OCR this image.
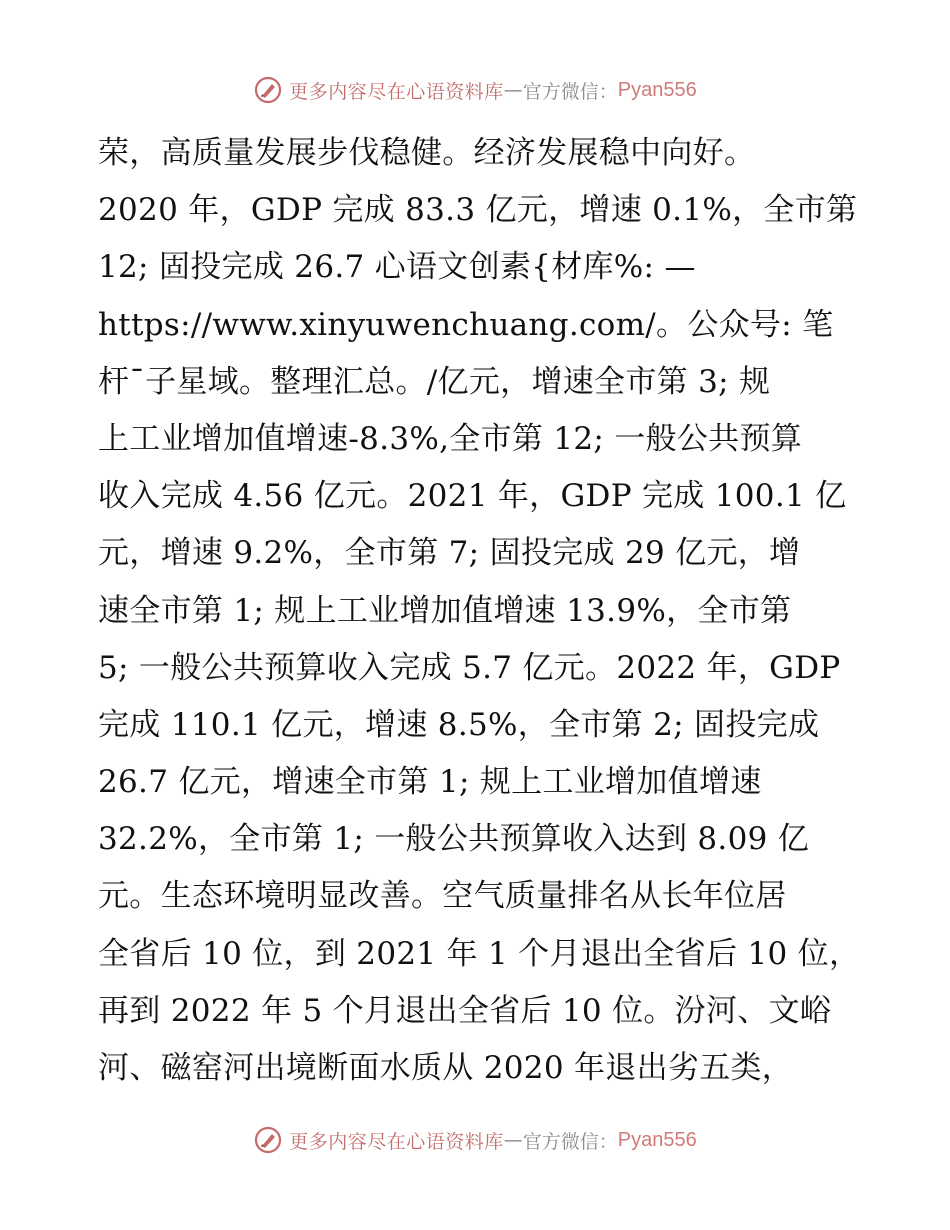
更多内容尽在心语资料库 — 官方微信： Pyan556
荣，高质量发展步伐稳健。经济发展稳中向好。
2020 年，GDP 完成 83.3 亿元，增速 0.1%，全市第
12; 固投完成 26.7 心语文创素{材库%: —
https://www.xinyuwenchuang.com/。公众号: 笔
杆¯子星域。整理汇总。/亿元，增速全市第 3; 规
上工业增加值增速-8.3%,全市第 12; 一般公共预算
收入完成 4.56 亿元。2021 年，GDP 完成 100.1 亿
元，增速 9.2%，全市第 7; 固投完成 29 亿元，增
速全市第 1; 规上工业增加值增速 13.9%，全市第
5; 一般公共预算收入完成 5.7 亿元。2022 年，GDP
完成 110.1 亿元，增速 8.5%，全市第 2; 固投完成
26.7 亿元，增速全市第 1; 规上工业增加值增速
32.2%，全市第 1; 一般公共预算收入达到 8.09 亿
元。生态环境明显改善。空气质量排名从长年位居
全省后 10 位，到 2021 年 1 个月退出全省后 10 位，
再到 2022 年 5 个月退出全省后 10 位。汾河、文峪
河、磁窑河出境断面水质从 2020 年退出劣五类，
更多内容尽在心语资料库 — 官方微信： Pyan556
